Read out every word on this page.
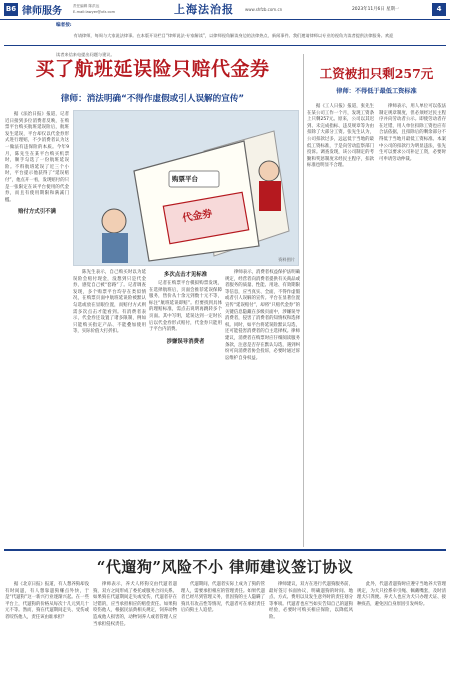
B6 律师服务	责任编辑 陈洪达
E-mail:lawyer@xfz.com	上海法治报	www.shfzb.com.cn	2023年11月6日 星期一	4
编者按:
有请律师，每周与大家说法律事。在本版开设栏目“律师说法·专家解读”，以律师视角解读身边的法律热点、新闻事件。我们邀请律师以专业的视角为读者提供法律服务。欢迎读者来信来电提出问题与建议。
买了航班延误险只赔代金券
律师：消法明确“不得作虚假或引人误解的宣传”
工资被扣只剩257元
律师：不得低于最低工资标准

据《工人日报》报道，张先生在某公司工作一个月，发现工资条上只剩257元。原来，公司以其迟到、未完成指标、违反规章等为由扣除了大部分工资。张先生认为，公司扣款过多，远远低于当地的最低工资标准，于是向劳动监察部门投诉。调查发现，该公司制定的考勤和奖惩制度未经民主程序，扣款标准也明显不合理。

律师表示，用人单位可以依法制定规章制度，但必须经过民主程序并向劳动者公示。即使劳动者存在过错，用人单位扣除工资也应有合法依据，且扣除后的剩余部分不得低于当地月最低工资标准。本案中公司的扣款行为明显违法，张先生可以要求公司补足工资，必要时可申请劳动仲裁。

据《法治日报》报道，记者近日接到多位消费者反映，在购票平台购买航班延误险后，航班发生延误，平台却仅以代金券形式进行理赔，不少消费者认为这一做法有违保险的本质。今年9月，陈先生在某平台购买机票时，顺手勾选了一份航班延误险。不料航班延误了近三个小时，平台提示他获得了“延误赔付”，他点开一看，发现赔付的只是一张限定在该平台使用的代金券，而且有使用期限和满减门槛。

赔付方式引不满
购票平台
代金券
资料图片

陈先生表示，自己购买时以为延误险会赔付现金，没想到只是代金券，感觉自己被“套路”了。记者调查发现，多个购票平台均存在类似情况，在购票页面中航班延误险被默认勾选或放在显眼位置，而赔付方式则需多次点击才能看到。有消费者表示，代金券还设置了诸多限制，例如只能购买指定产品、不能叠加使用等，实际价值大打折扣。

多次点击才见标准

记者在购票平台模拟购票发现，在选择航班后，页面会推荐延误保障服务，售价从十余元到数十元不等，标注“航班延误即赔”。但要找到具体的理赔标准，需点击说明再跳转多个页面。其中写明，延误达到一定时长后以代金券形式赔付，代金券只能用于平台内消费。

涉嫌误导消费者

律师表示，消费者权益保护法明确规定，经营者向消费者提供有关商品或者服务的质量、性能、用途、有效期限等信息，应当真实、全面，不得作虚假或者引人误解的宣传。平台在显著位置宣传“延误赔付”，却将“只赔代金券”的关键信息隐藏在多级页面中，涉嫌误导消费者，侵害了消费者的知情权和选择权。同时，如平台将延误险默认勾选，还可能侵害消费者的自主选择权。律师建议，消费者在购票时应仔细阅读服务条款，注意是否存在默认勾选，遇到纠纷可向消费者协会投诉，必要时通过诉讼维护自身权益。

“代遛狗”风险不小 律师建议签订协议

据《北京日报》报道，有人想养狗却没有时间遛，有人想靠遛狗赚点外快，于是“代遛狗”这一新兴行业逐渐兴起。在一些平台上，代遛狗的价格从每次十几元到几十元不等。然而，狗在代遛期间走失、受伤或者咬伤他人，责任该由谁承担？

律师表示，养犬人将狗交由代遛者遛狗，双方之间形成了委托或服务合同关系。如果狗在代遛期间走失或受伤，代遛者存在过错的，应当承担相应的赔偿责任。如果狗咬伤他人，根据民法典相关规定，饲养动物造成他人损害的，动物饲养人或者管理人应当承担侵权责任。

代遛期间，代遛者实际上成为了狗的管理人，需要承担相应的管理责任。如果代遛者已经尽到管理义务，但因狗的主人隐瞒了狗具有攻击性等情况，代遛者可在承担责任后向狗主人追偿。

律师建议，双方在进行代遛狗服务前，最好签订书面协议，明确遛狗的时间、地点、方式、费用以及发生意外时的责任划分等事项。代遛者也应当如实告知自己的遛狗经验，必要时可购买相应保险，以降低风险。

此外，代遛者遛狗时应遵守当地养犬管理规定，为犬只拴系牵引绳、佩戴嘴套，及时清理犬只粪便。养犬人也应为犬只办理犬证、接种疫苗，避免因自身原因引发纠纷。
